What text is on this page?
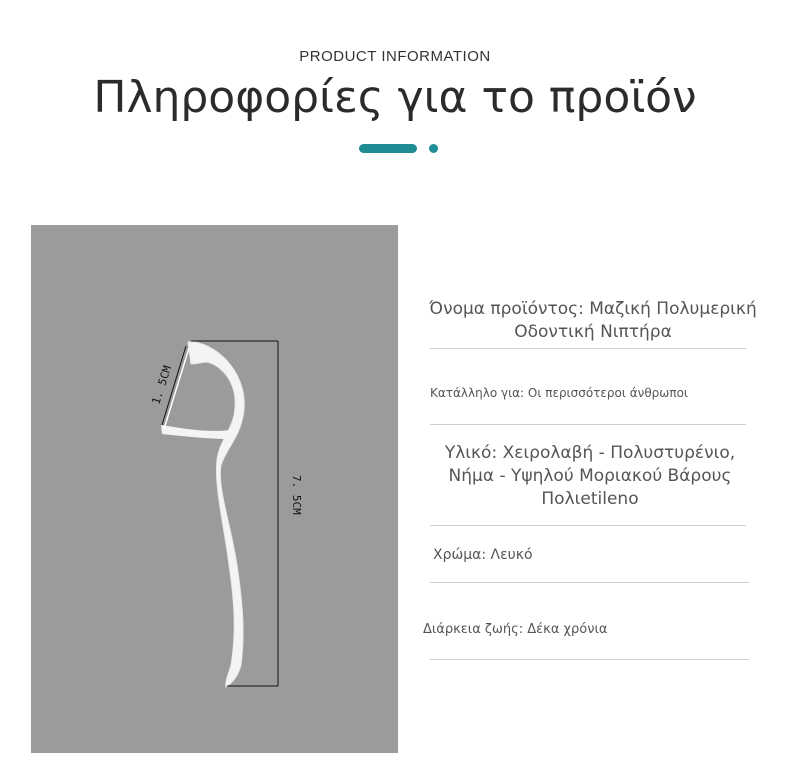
PRODUCT INFORMATION
Πληροφορίες για το προϊόν
1. 5CM
7. 5CM
Όνομα προϊόντος: Μαζική Πολυμερική Οδοντική Νιπτήρα
Κατάλληλο για: Οι περισσότεροι άνθρωποι
Υλικό: Χειρολαβή - Πολυστυρένιο, Νήμα - Υψηλού Μοριακού Βάρους Πολιetileno
Χρώμα: Λευκό
Διάρκεια ζωής: Δέκα χρόνια
